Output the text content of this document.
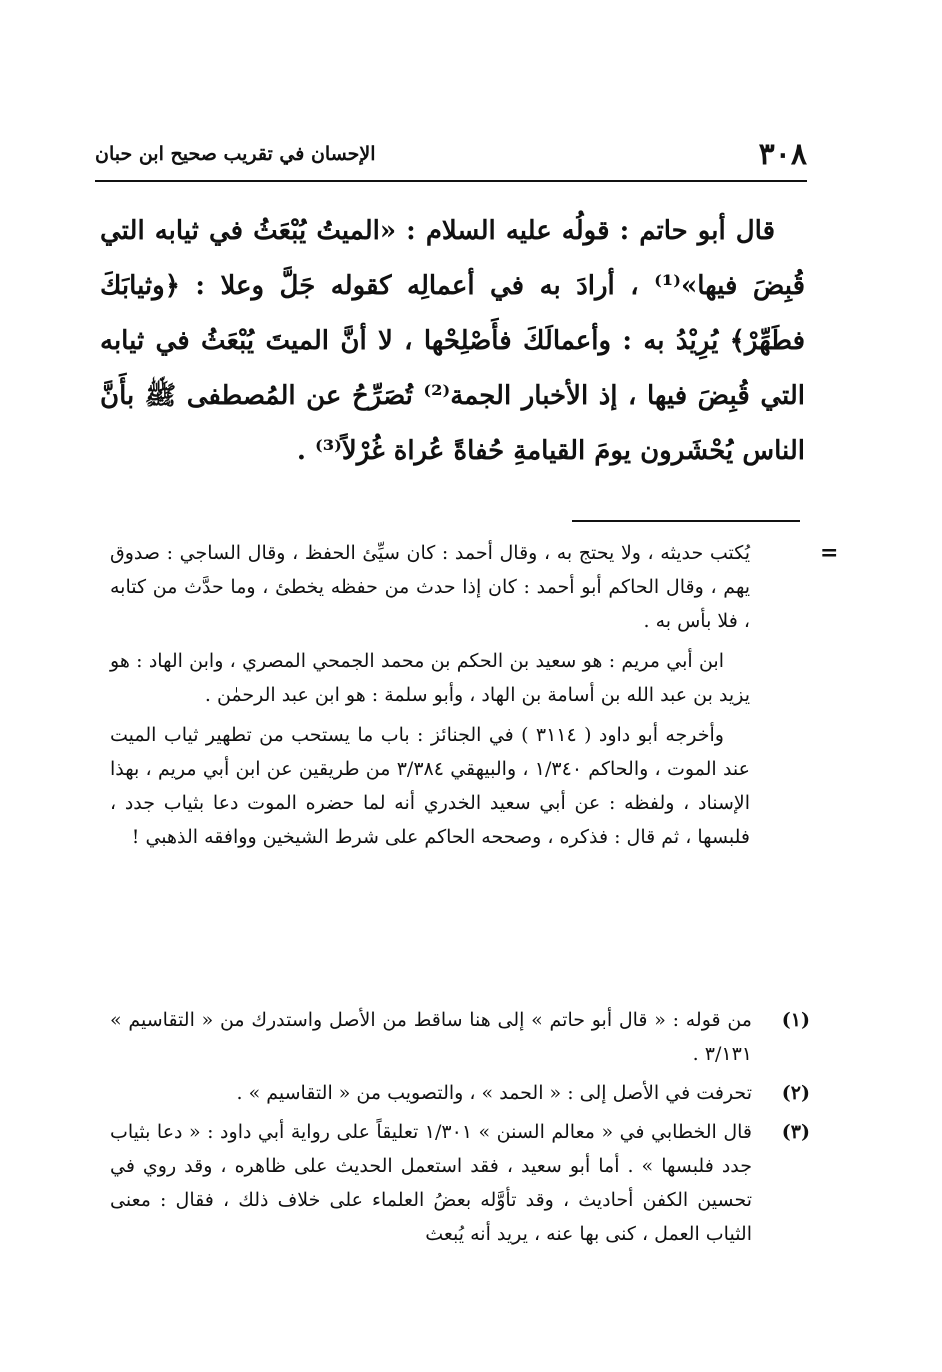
٣٠٨
الإحسان في تقريب صحيح ابن حبان

قال أبو حاتم : قولُه عليه السلام : «الميتُ يُبْعَثُ في ثيابه التي قُبِضَ فيها»⁽¹⁾ ، أرادَ به في أعمالِه كقوله جَلَّ وعلا : ﴿وثيابَكَ فطَهِّرْ﴾ يُرِيْدُ به : وأعمالَكَ فأَصْلِحْها ، لا أنَّ الميتَ يُبْعَثُ في ثيابه التي قُبِضَ فيها ، إذ الأخبار الجمة⁽²⁾ تُصَرِّحُ عن المُصطفى ﷺ بأَنَّ الناس يُحْشَرون يومَ القيامةِ حُفاةً عُراة غُرْلاً⁽³⁾ .

=

يُكتب حديثه ، ولا يحتج به ، وقال أحمد : كان سيِّئ الحفظ ، وقال الساجي : صدوق يهم ، وقال الحاكم أبو أحمد : كان إذا حدث من حفظه يخطئ ، وما حدَّث من كتابه ، فلا بأس به .

ابن أبي مريم : هو سعيد بن الحكم بن محمد الجمحي المصري ، وابن الهاد : هو يزيد بن عبد الله بن أسامة بن الهاد ، وأبو سلمة : هو ابن عبد الرحمٰن .

وأخرجه أبو داود ( ٣١١٤ ) في الجنائز : باب ما يستحب من تطهير ثياب الميت عند الموت ، والحاكم ١/٣٤٠ ، والبيهقي ٣/٣٨٤ من طريقين عن ابن أبي مريم ، بهذا الإسناد ، ولفظه : عن أبي سعيد الخدري أنه لما حضره الموت دعا بثياب جدد ، فلبسها ، ثم قال : فذكره ، وصححه الحاكم على شرط الشيخين ووافقه الذهبي !

(١)
من قوله : « قال أبو حاتم » إلى هنا ساقط من الأصل واستدرك من « التقاسيم » ٣/١٣١ .
(٢)
تحرفت في الأصل إلى : « الحمد » ، والتصويب من « التقاسيم » .
(٣)
قال الخطابي في « معالم السنن » ١/٣٠١ تعليقاً على رواية أبي داود : « دعا بثياب جدد فلبسها » . أما أبو سعيد ، فقد استعمل الحديث على ظاهره ، وقد روي في تحسين الكفن أحاديث ، وقد تأوَّله بعضُ العلماء على خلاف ذلك ، فقال : معنى الثياب العمل ، كنى بها عنه ، يريد أنه يُبعث
